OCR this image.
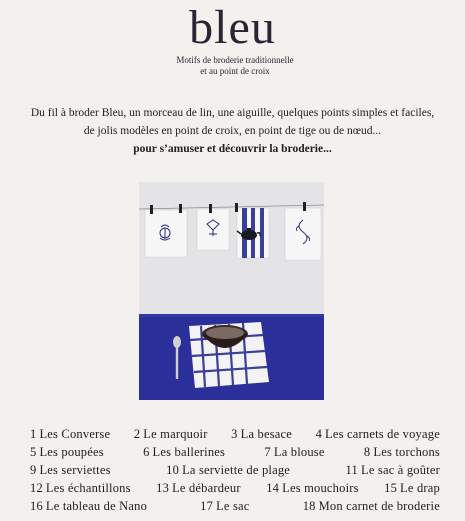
bleu
Motifs de broderie traditionnelle
et au point de croix
Du fil à broder Bleu, un morceau de lin, une aiguille, quelques points simples et faciles,
de jolis modèles en point de croix, en point de tige ou de nœud...
pour s’amuser et découvrir la broderie...
1 Les Converse 2 Le marquoir 3 La besace 4 Les carnets de voyage
5 Les poupées	6 Les ballerines	7 La blouse	8 Les torchons
9 Les serviettes	10 La serviette de plage	11 Le sac à goûter
12 Les échantillons 13 Le débardeur 14 Les mouchoirs 15 Le drap
16 Le tableau de Nano	17 Le sac	18 Mon carnet de broderie
